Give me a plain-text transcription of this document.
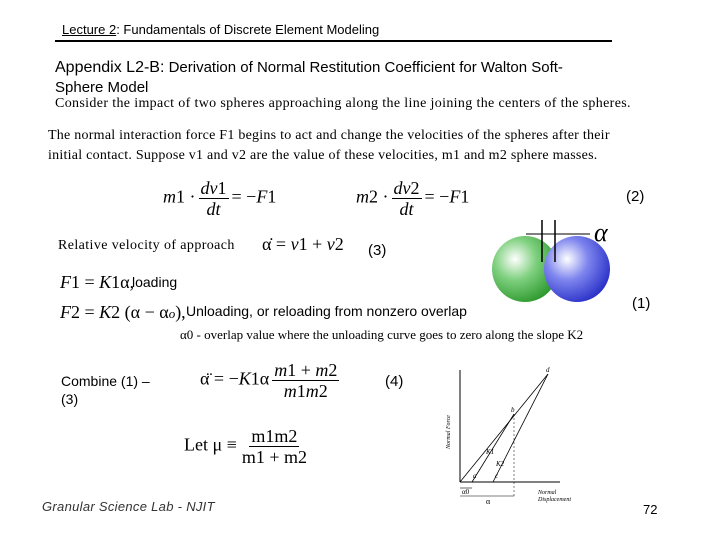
Lecture 2: Fundamentals of Discrete Element Modeling
Appendix L2-B: Derivation of Normal Restitution Coefficient for Walton Soft-
Sphere Model
Consider the impact of two spheres approaching along the line joining the centers of the spheres.
The normal interaction force F1 begins to act and change the velocities of the spheres after their
initial contact. Suppose v1 and v2 are the value of these velocities, m1 and m2 sphere masses.
$m1 \cdot \frac{dv1}{dt} = -F1$	$m2 \cdot \frac{dv2}{dt} = -F1$	(2)
Relative velocity of approach α̇ = v1 + v2 (3)
α
F1 = K1α,
loading
F2 = K2 (α − αo), Unloading, or reloading from nonzero overlap	(1)
α0 - overlap value where the unloading curve goes to zero along the slope K2
Combine (1) –
(3)
α̈ = $-K1\alpha \frac{m1 + m2}{m1m2}$	(4)
Let $\mu \equiv \frac{m1m2}{m1 + m2}$	Normal Force
a
b
c
d
K1
K2
α0
α
Normal
Displacement
Granular Science Lab - NJIT	72
